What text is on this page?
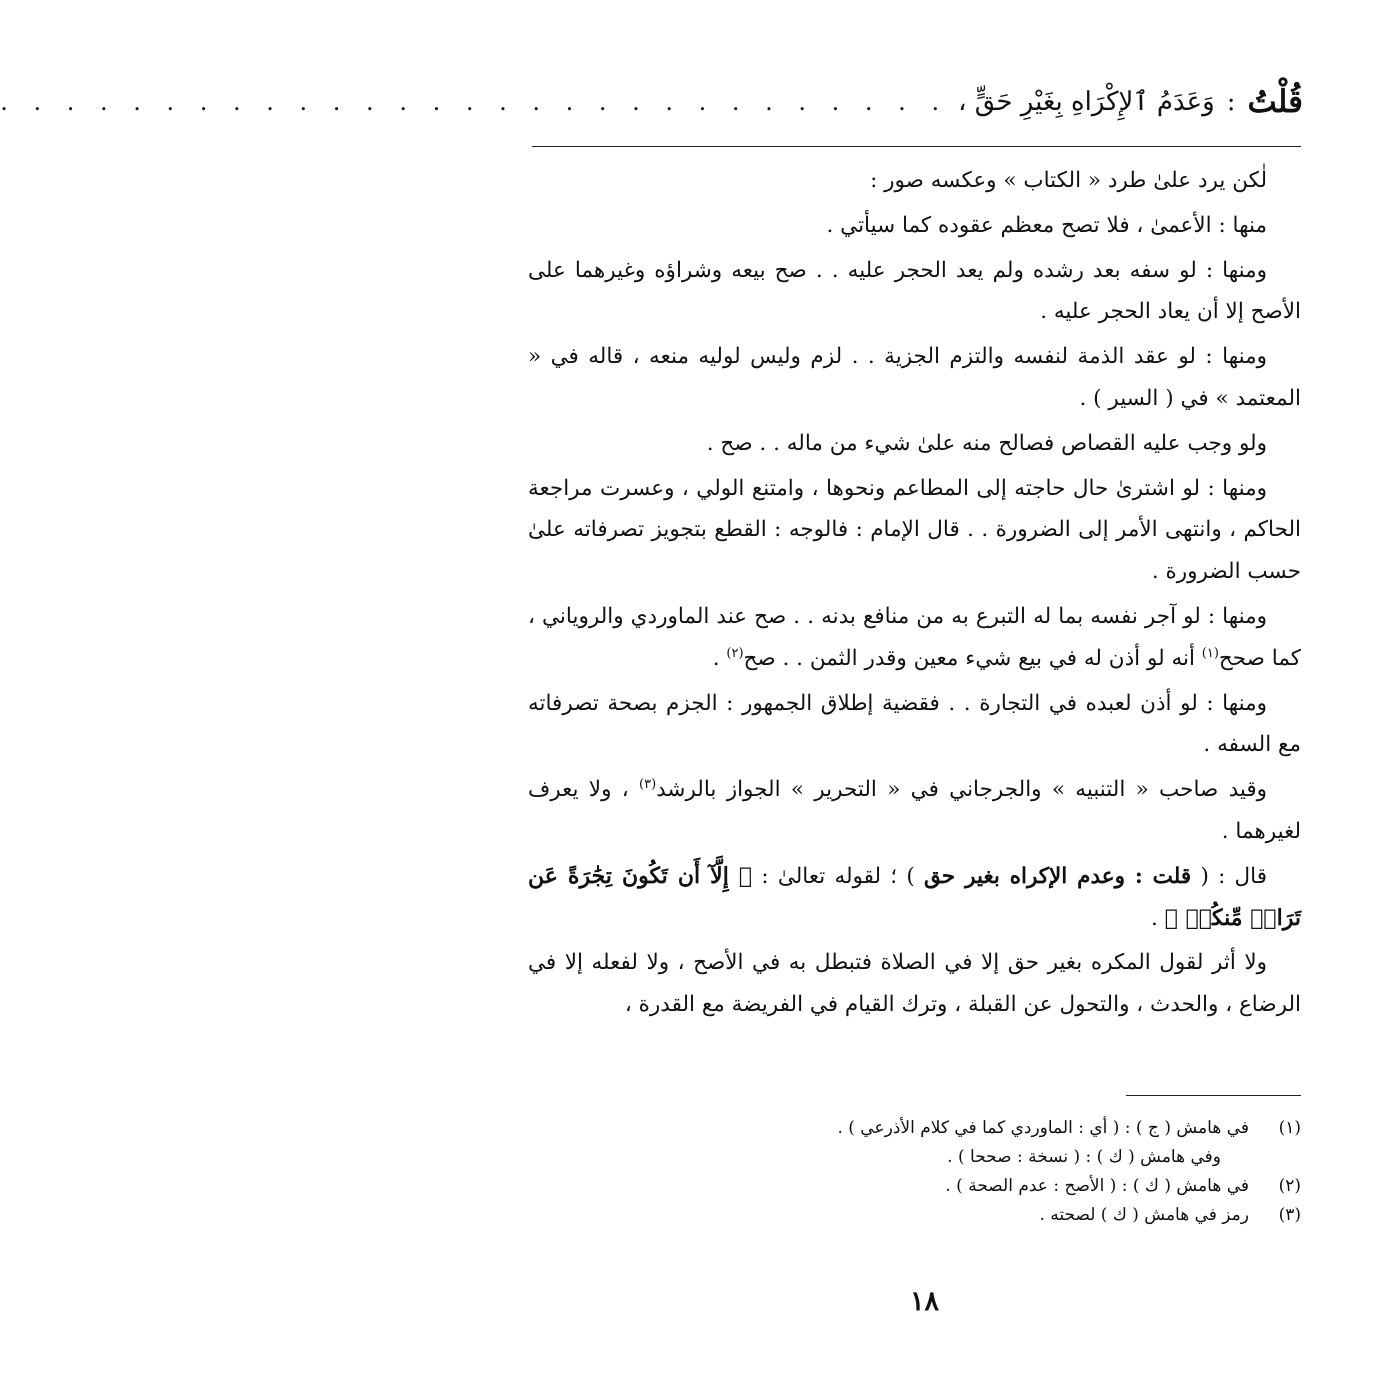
قُلْتُ
:
وَعَدَمُ ٱلإِكْرَاهِ بِغَيْرِ حَقٍّ ،
. . . . . . . . . . . . . . . . . . . . . . . . . . . . .

لٰكن يرد علىٰ طرد « الكتاب » وعكسه صور :

منها : الأعمىٰ ، فلا تصح معظم عقوده كما سيأتي .

ومنها : لو سفه بعد رشده ولم يعد الحجر عليه . . صح بيعه وشراؤه وغيرهما على الأصح إلا أن يعاد الحجر عليه .

ومنها : لو عقد الذمة لنفسه والتزم الجزية . . لزم وليس لوليه منعه ، قاله في « المعتمد » في ( السير ) .

ولو وجب عليه القصاص فصالح منه علىٰ شيء من ماله . . صح .

ومنها : لو اشترىٰ حال حاجته إلى المطاعم ونحوها ، وامتنع الولي ، وعسرت مراجعة الحاكم ، وانتهى الأمر إلى الضرورة . . قال الإمام : فالوجه : القطع بتجويز تصرفاته علىٰ حسب الضرورة .

ومنها : لو آجر نفسه بما له التبرع به من منافع بدنه . . صح عند الماوردي والروياني ، كما صحح$^{(١)}$ أنه لو أذن له في بيع شيء معين وقدر الثمن . . صح$^{(٢)}$ .

ومنها : لو أذن لعبده في التجارة . . فقضية إطلاق الجمهور : الجزم بصحة تصرفاته مع السفه .

وقيد صاحب « التنبيه » والجرجاني في « التحرير » الجواز بالرشد$^{(٣)}$ ، ولا يعرف لغيرهما .

قال : ( قلت : وعدم الإكراه بغير حق ) ؛ لقوله تعالىٰ : ﴿ إِلَّآ أَن تَكُونَ تِجَٰرَةً عَن تَرَاضٖ مِّنكُمۡ ﴾ .

ولا أثر لقول المكره بغير حق إلا في الصلاة فتبطل به في الأصح ، ولا لفعله إلا في الرضاع ، والحدث ، والتحول عن القبلة ، وترك القيام في الفريضة مع القدرة ،

(١)
في هامش ( ج ) : ( أي : الماوردي كما في كلام الأذرعي ) .
وفي هامش ( ك ) : ( نسخة : صححا ) .
(٢)
في هامش ( ك ) : ( الأصح : عدم الصحة ) .
(٣)
رمز في هامش ( ك ) لصحته .
١٨
